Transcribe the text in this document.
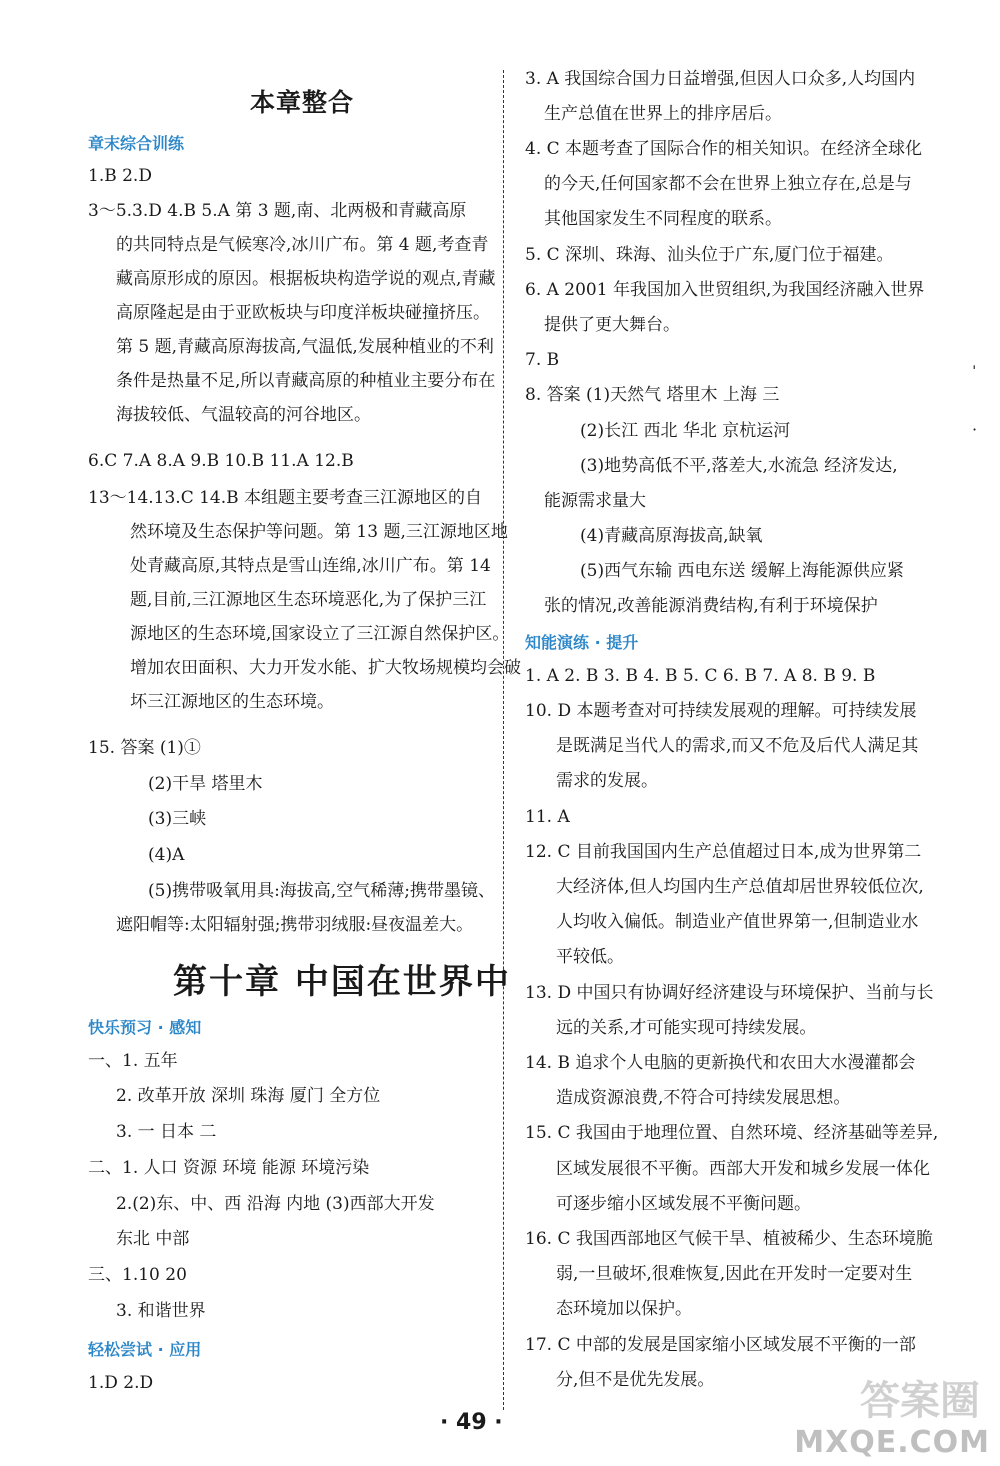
本章整合
章末综合训练
1.B 2.D
3～5.3.D 4.B 5.A 第 3 题,南、北两极和青藏高原
的共同特点是气候寒冷,冰川广布。第 4 题,考查青
藏高原形成的原因。根据板块构造学说的观点,青藏
高原隆起是由于亚欧板块与印度洋板块碰撞挤压。
第 5 题,青藏高原海拔高,气温低,发展种植业的不利
条件是热量不足,所以青藏高原的种植业主要分布在
海拔较低、气温较高的河谷地区。
6.C 7.A 8.A 9.B 10.B 11.A 12.B
13～14.13.C 14.B 本组题主要考查三江源地区的自
然环境及生态保护等问题。第 13 题,三江源地区地
处青藏高原,其特点是雪山连绵,冰川广布。第 14
题,目前,三江源地区生态环境恶化,为了保护三江
源地区的生态环境,国家设立了三江源自然保护区。
增加农田面积、大力开发水能、扩大牧场规模均会破
坏三江源地区的生态环境。
15. 答案 (1)①
(2)干旱 塔里木
(3)三峡
(4)A
(5)携带吸氧用具:海拔高,空气稀薄;携带墨镜、
遮阳帽等:太阳辐射强;携带羽绒服:昼夜温差大。
第十章 中国在世界中
快乐预习 · 感知
一、1. 五年
2. 改革开放 深圳 珠海 厦门 全方位
3. 一 日本 二
二、1. 人口 资源 环境 能源 环境污染
2.(2)东、中、西 沿海 内地 (3)西部大开发
东北 中部
三、1.10 20
3. 和谐世界
轻松尝试 · 应用
1.D 2.D
3. A 我国综合国力日益增强,但因人口众多,人均国内
生产总值在世界上的排序居后。
4. C 本题考查了国际合作的相关知识。在经济全球化
的今天,任何国家都不会在世界上独立存在,总是与
其他国家发生不同程度的联系。
5. C 深圳、珠海、汕头位于广东,厦门位于福建。
6. A 2001 年我国加入世贸组织,为我国经济融入世界
提供了更大舞台。
7. B
8. 答案 (1)天然气 塔里木 上海 三
(2)长江 西北 华北 京杭运河
(3)地势高低不平,落差大,水流急 经济发达,
能源需求量大
(4)青藏高原海拔高,缺氧
(5)西气东输 西电东送 缓解上海能源供应紧
张的情况,改善能源消费结构,有利于环境保护
知能演练 · 提升
1. A 2. B 3. B 4. B 5. C 6. B 7. A 8. B 9. B
10. D 本题考查对可持续发展观的理解。可持续发展
是既满足当代人的需求,而又不危及后代人满足其
需求的发展。
11. A
12. C 目前我国国内生产总值超过日本,成为世界第二
大经济体,但人均国内生产总值却居世界较低位次,
人均收入偏低。制造业产值世界第一,但制造业水
平较低。
13. D 中国只有协调好经济建设与环境保护、当前与长
远的关系,才可能实现可持续发展。
14. B 追求个人电脑的更新换代和农田大水漫灌都会
造成资源浪费,不符合可持续发展思想。
15. C 我国由于地理位置、自然环境、经济基础等差异,
区域发展很不平衡。西部大开发和城乡发展一体化
可逐步缩小区域发展不平衡问题。
16. C 我国西部地区气候干旱、植被稀少、生态环境脆
弱,一旦破坏,很难恢复,因此在开发时一定要对生
态环境加以保护。
17. C 中部的发展是国家缩小区域发展不平衡的一部
分,但不是优先发展。
ˌ
·
· 49 ·	答案圈
MXQE.COM
